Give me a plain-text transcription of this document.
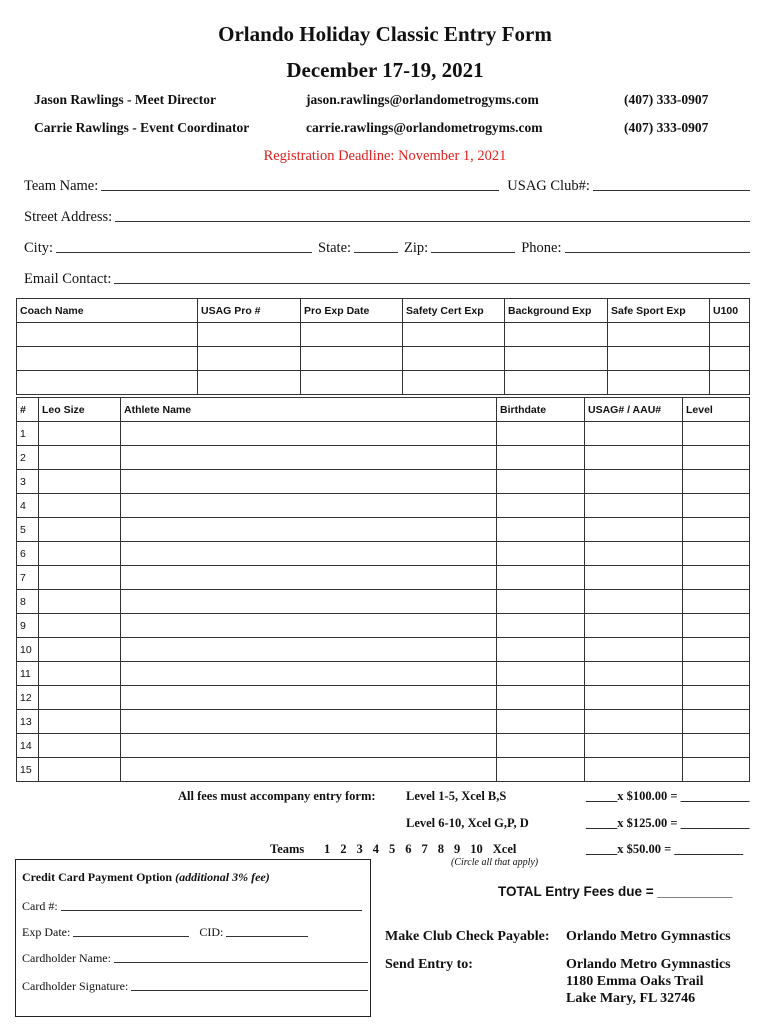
Orlando Holiday Classic Entry Form
December 17-19, 2021
Jason Rawlings - Meet Director	jason.rawlings@orlandometrogyms.com	(407) 333-0907
Carrie Rawlings - Event Coordinator	carrie.rawlings@orlandometrogyms.com	(407) 333-0907
Registration Deadline: November 1, 2021
Team Name:	USAG Club#:
Street Address:
City:	State:	Zip:	Phone:
Email Contact:
Coach Name	USAG Pro #	Pro Exp Date	Safety Cert Exp	Background Exp	Safe Sport Exp	U100

#	Leo Size	Athlete Name	Birthdate	USAG# / AAU#	Level
1					
2					
3					
4					
5					
6					
7					
8					
9					
10					
11					
12					
13					
14					
15					
All fees must accompany entry form: Level 1-5, Xcel B,S	_____x $100.00 = ___________
Level 6-10, Xcel G,P, D	_____x $125.00 = ___________
Teams 1 2 3 4 5 6 7 8 9 10 Xcel	_____x $50.00 = ___________
(Circle all that apply)
Credit Card Payment Option (additional 3% fee)
Card #:
Exp Date:	CID:
Cardholder Name:
Cardholder Signature:
TOTAL Entry Fees due = __________
Make Club Check Payable: Orlando Metro Gymnastics
Send Entry to:	Orlando Metro Gymnastics
1180 Emma Oaks Trail
Lake Mary, FL 32746
